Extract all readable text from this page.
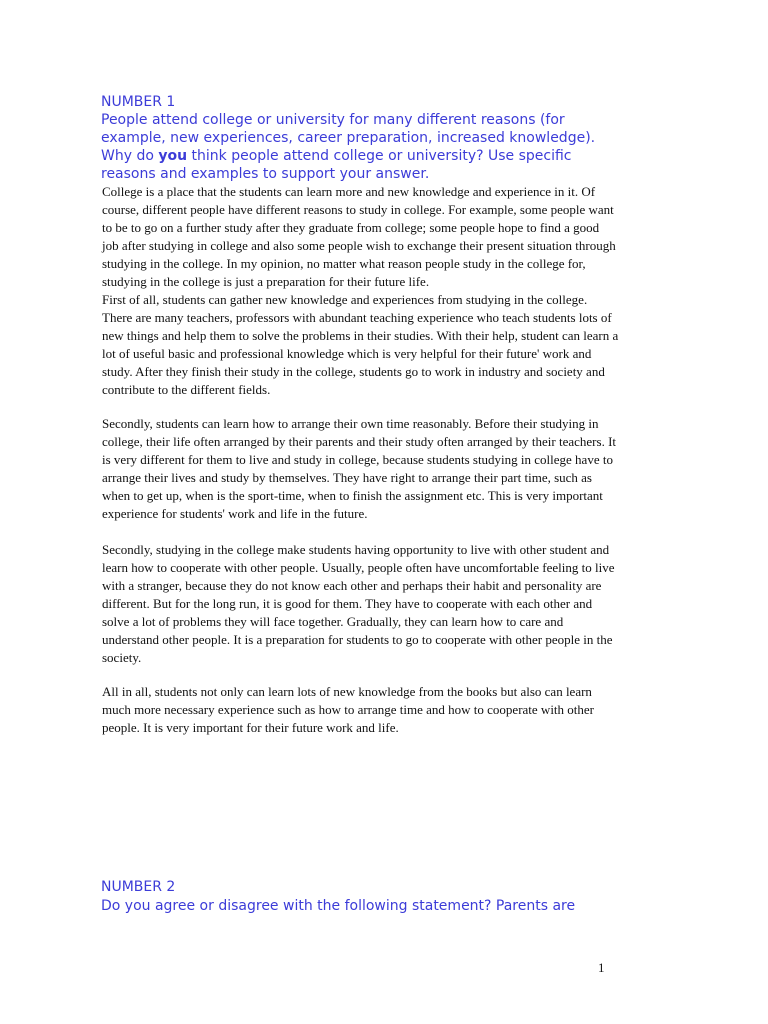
NUMBER 1
People attend college or university for many different reasons (for
example, new experiences, career preparation, increased knowledge).
Why do you think people attend college or university? Use specific
reasons and examples to support your answer.
College is a place that the students can learn more and new knowledge and experience in it. Of
course, different people have different reasons to study in college. For example, some people want
to be to go on a further study after they graduate from college; some people hope to find a good
job after studying in college and also some people wish to exchange their present situation through
studying in the college. In my opinion, no matter what reason people study in the college for,
studying in the college is just a preparation for their future life.
First of all, students can gather new knowledge and experiences from studying in the college.
There are many teachers, professors with abundant teaching experience who teach students lots of
new things and help them to solve the problems in their studies. With their help, student can learn a
lot of useful basic and professional knowledge which is very helpful for their future' work and
study. After they finish their study in the college, students go to work in industry and society and
contribute to the different fields.
Secondly, students can learn how to arrange their own time reasonably. Before their studying in
college, their life often arranged by their parents and their study often arranged by their teachers. It
is very different for them to live and study in college, because students studying in college have to
arrange their lives and study by themselves. They have right to arrange their part time, such as
when to get up, when is the sport-time, when to finish the assignment etc. This is very important
experience for students' work and life in the future.
Secondly, studying in the college make students having opportunity to live with other student and
learn how to cooperate with other people. Usually, people often have uncomfortable feeling to live
with a stranger, because they do not know each other and perhaps their habit and personality are
different. But for the long run, it is good for them. They have to cooperate with each other and
solve a lot of problems they will face together. Gradually, they can learn how to care and
understand other people. It is a preparation for students to go to cooperate with other people in the
society.
All in all, students not only can learn lots of new knowledge from the books but also can learn
much more necessary experience such as how to arrange time and how to cooperate with other
people. It is very important for their future work and life.
NUMBER 2
Do you agree or disagree with the following statement? Parents are
1
